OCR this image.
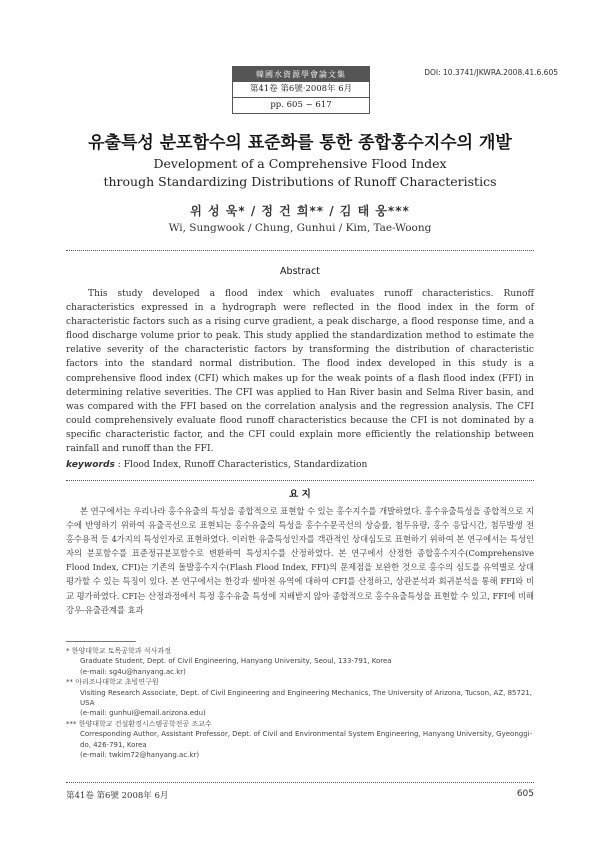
韓國水資源學會論文集
第41卷 第6號·2008年 6月
pp. 605 ~ 617
DOI: 10.3741/JKWRA.2008.41.6.605
유출특성 분포함수의 표준화를 통한 종합홍수지수의 개발
Development of a Comprehensive Flood Index
through Standardizing Distributions of Runoff Characteristics
위 성 욱* / 정 건 희** / 김 태 웅***
Wi, Sungwook / Chung, Gunhui / Kim, Tae-Woong
Abstract

This study developed a flood index which evaluates runoff characteristics. Runoff characteristics expressed in a hydrograph were reflected in the flood index in the form of characteristic factors such as a rising curve gradient, a peak discharge, a flood response time, and a flood discharge volume prior to peak. This study applied the standardization method to estimate the relative severity of the characteristic factors by transforming the distribution of characteristic factors into the standard normal distribution. The flood index developed in this study is a comprehensive flood index (CFI) which makes up for the weak points of a flash flood index (FFI) in determining relative severities. The CFI was applied to Han River basin and Selma River basin, and was compared with the FFI based on the correlation analysis and the regression analysis. The CFI could comprehensively evaluate flood runoff characteristics because the CFI is not dominated by a specific characteristic factor, and the CFI could explain more efficiently the relationship between rainfall and runoff than the FFI.

keywords : Flood Index, Runoff Characteristics, Standardization
요 지

본 연구에서는 우리나라 홍수유출의 특성을 종합적으로 표현할 수 있는 홍수지수를 개발하였다. 홍수유출특성을 종합적으로 지수에 반영하기 위하여 유출곡선으로 표현되는 홍수유출의 특성을 홍수수문곡선의 상승률, 첨두유량, 홍수 응답시간, 첨두발생 전 홍수용적 등 4가지의 특성인자로 표현하였다. 이러한 유출특성인자를 객관적인 상대심도로 표현하기 위하여 본 연구에서는 특성인자의 분포함수를 표준정규분포함수로 변환하여 특성지수를 산정하였다. 본 연구에서 산정한 종합홍수지수(Comprehensive Flood Index, CFI)는 기존의 돌발홍수지수(Flash Flood Index, FFI)의 문제점을 보완한 것으로 홍수의 심도를 유역별로 상대평가할 수 있는 특징이 있다. 본 연구에서는 한강과 셀마천 유역에 대하여 CFI를 산정하고, 상관분석과 회귀분석을 통해 FFI와 비교 평가하였다. CFI는 산정과정에서 특정 홍수유출 특성에 지배받지 않아 종합적으로 홍수유출특성을 표현할 수 있고, FFI에 비해 강우-유출관계를 효과

* 한양대학교 토목공학과 석사과정
Graduate Student, Dept. of Civil Engineering, Hanyang University, Seoul, 133-791, Korea
(e-mail: sg4u@hanyang.ac.kr)
** 아리조나대학교 초빙연구원
Visiting Research Associate, Dept. of Civil Engineering and Engineering Mechanics, The University of Arizona, Tucson, AZ, 85721, USA
(e-mail: gunhui@email.arizona.edu)
*** 한양대학교 건설환경시스템공학전공 조교수
Corresponding Author, Assistant Professor, Dept. of Civil and Environmental System Engineering, Hanyang University, Gyeonggi-do, 426-791, Korea
(e-mail: twkim72@hanyang.ac.kr)
第41卷 第6號 2008年 6月	605
